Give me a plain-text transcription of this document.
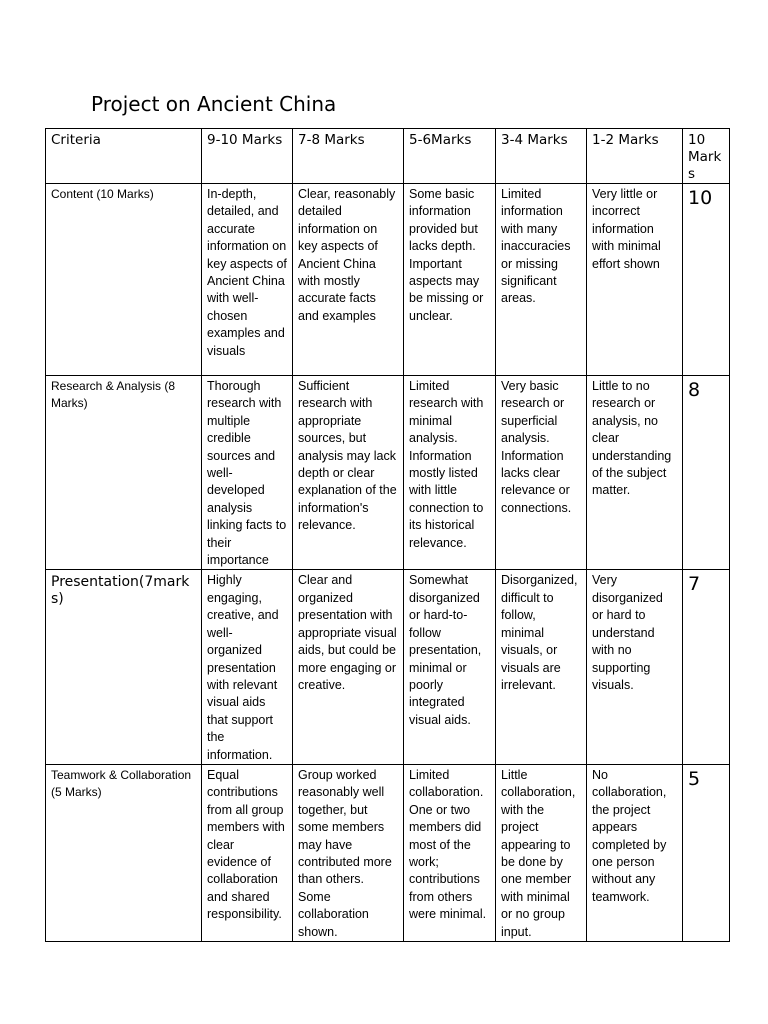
Project on Ancient China
Criteria	9-10 Marks	7-8 Marks	5-6Marks	3-4 Marks	1-2 Marks	10 Marks
Content (10 Marks)	In-depth, detailed, and accurate information on key aspects of Ancient China with well-chosen examples and visuals	Clear, reasonably detailed information on key aspects of Ancient China with mostly accurate facts and examples	Some basic information provided but lacks depth. Important aspects may be missing or unclear.	Limited information with many inaccuracies or missing significant areas.	Very little or incorrect information with minimal effort shown	10
Research & Analysis (8 Marks)	Thorough research with multiple credible sources and well-developed analysis linking facts to their importance	Sufficient research with appropriate sources, but analysis may lack depth or clear explanation of the information's relevance.	Limited research with minimal analysis. Information mostly listed with little connection to its historical relevance.	Very basic research or superficial analysis. Information lacks clear relevance or connections.	Little to no research or analysis, no clear understanding of the subject matter.	8
Presentation(7marks)	Highly engaging, creative, and well-organized presentation with relevant visual aids that support the information.	Clear and organized presentation with appropriate visual aids, but could be more engaging or creative.	Somewhat disorganized or hard-to-follow presentation, minimal or poorly integrated visual aids.	Disorganized, difficult to follow, minimal visuals, or visuals are irrelevant.	Very disorganized or hard to understand with no supporting visuals.	7
Teamwork & Collaboration (5 Marks)	Equal contributions from all group members with clear evidence of collaboration and shared responsibility.	Group worked reasonably well together, but some members may have contributed more than others. Some collaboration shown.	Limited collaboration. One or two members did most of the work; contributions from others were minimal.	Little collaboration, with the project appearing to be done by one member with minimal or no group input.	No collaboration, the project appears completed by one person without any teamwork.	5
